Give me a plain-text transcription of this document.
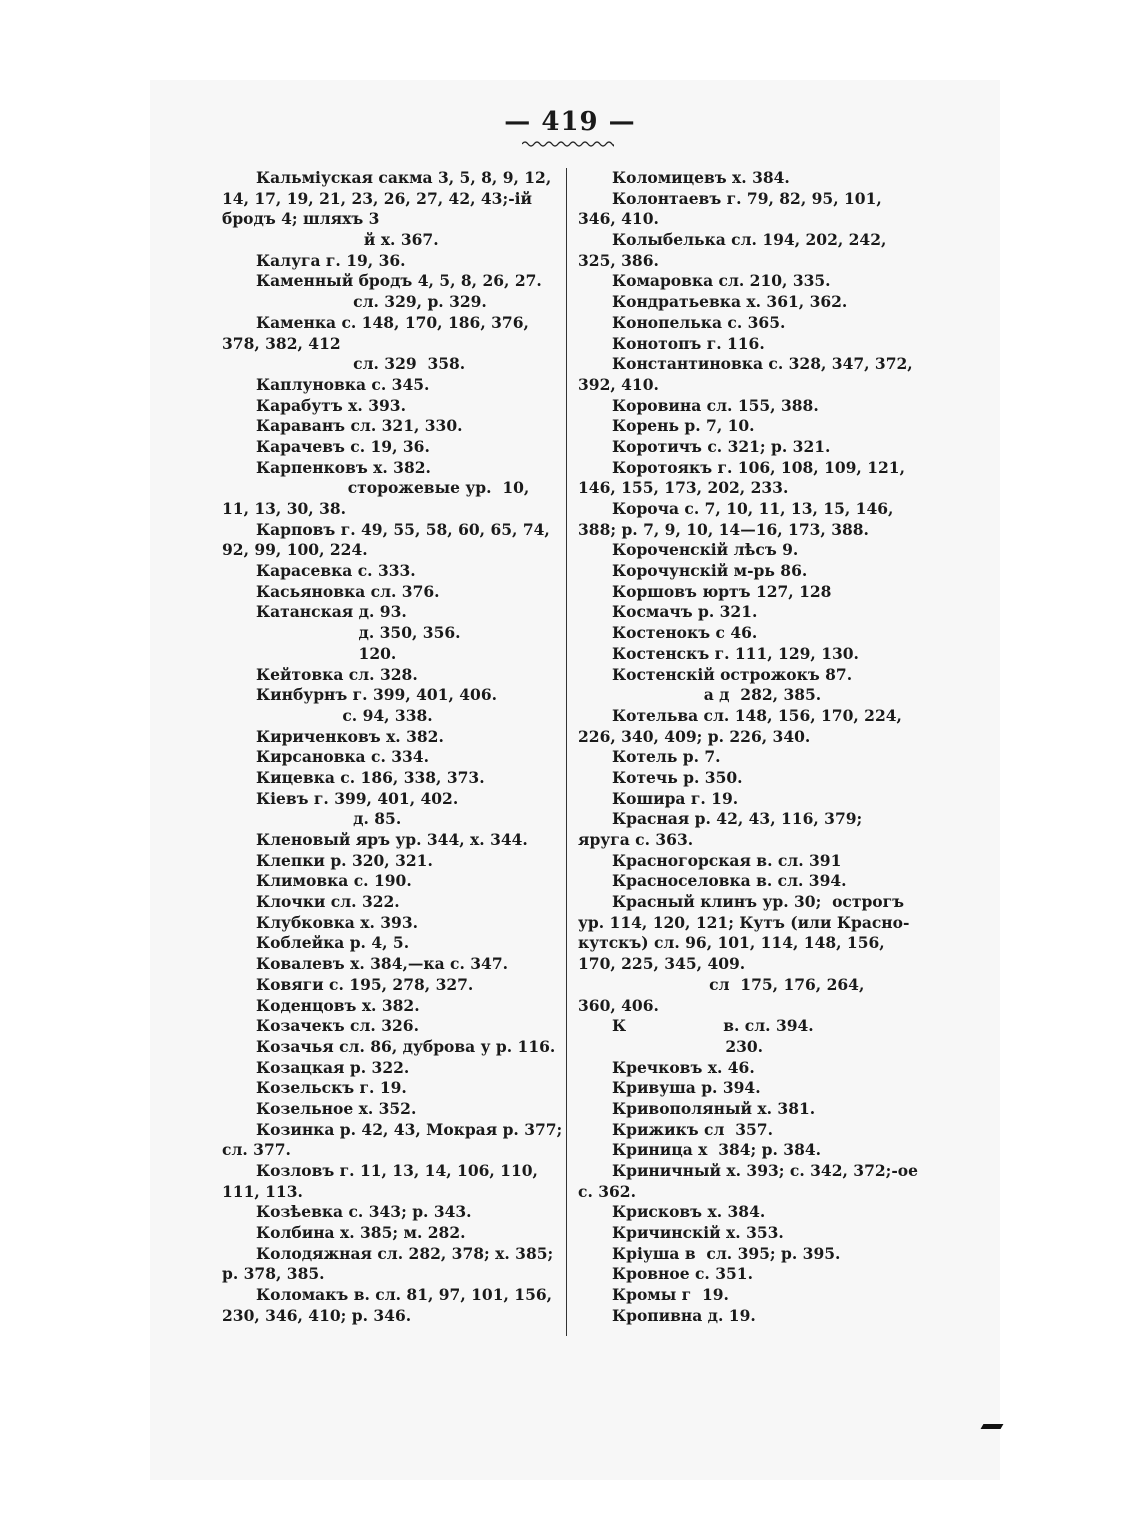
— 419 —
Кальміуская сакма 3, 5, 8, 9, 12,
14, 17, 19, 21, 23, 26, 27, 42, 43;-ій
бродъ 4; шляхъ 3
й х. 367.
Калуга г. 19, 36.
Каменный бродъ 4, 5, 8, 26, 27.
сл. 329, р. 329.
Каменка с. 148, 170, 186, 376,
378, 382, 412
сл. 329  358.
Каплуновка с. 345.
Карабутъ х. 393.
Караванъ сл. 321, 330.
Карачевъ с. 19, 36.
Карпенковъ х. 382.
сторожевые ур.  10,
11, 13, 30, 38.
Карповъ г. 49, 55, 58, 60, 65, 74,
92, 99, 100, 224.
Карасевка с. 333.
Касьяновка сл. 376.
Катанская д. 93.
д. 350, 356.
120.
Кейтовка сл. 328.
Кинбурнъ г. 399, 401, 406.
с. 94, 338.
Кириченковъ х. 382.
Кирсановка с. 334.
Кицевка с. 186, 338, 373.
Кіевъ г. 399, 401, 402.
д. 85.
Кленовый яръ ур. 344, х. 344.
Клепки р. 320, 321.
Климовка с. 190.
Клочки сл. 322.
Клубковка х. 393.
Коблейка р. 4, 5.
Ковалевъ х. 384,—ка с. 347.
Ковяги с. 195, 278, 327.
Коденцовъ х. 382.
Козачекъ сл. 326.
Козачья сл. 86, дуброва у р. 116.
Козацкая р. 322.
Козельскъ г. 19.
Козельное х. 352.
Козинка р. 42, 43, Мокрая р. 377;
сл. 377.
Козловъ г. 11, 13, 14, 106, 110,
111, 113.
Козѣевка с. 343; р. 343.
Колбина х. 385; м. 282.
Колодяжная сл. 282, 378; х. 385;
р. 378, 385.
Коломакъ в. сл. 81, 97, 101, 156,
230, 346, 410; р. 346.
Коломицевъ х. 384.
Колонтаевъ г. 79, 82, 95, 101,
346, 410.
Колыбелька сл. 194, 202, 242,
325, 386.
Комаровка сл. 210, 335.
Кондратьевка х. 361, 362.
Конопелька с. 365.
Конотопъ г. 116.
Константиновка с. 328, 347, 372,
392, 410.
Коровина сл. 155, 388.
Корень р. 7, 10.
Коротичъ с. 321; р. 321.
Коротоякъ г. 106, 108, 109, 121,
146, 155, 173, 202, 233.
Короча с. 7, 10, 11, 13, 15, 146,
388; р. 7, 9, 10, 14—16, 173, 388.
Короченскій лѣсъ 9.
Корочунскій м-рь 86.
Коршовъ юртъ 127, 128
Космачъ р. 321.
Костенокъ с 46.
Костенскъ г. 111, 129, 130.
Костенскій острожокъ 87.
а д  282, 385.
Котельва сл. 148, 156, 170, 224,
226, 340, 409; р. 226, 340.
Котель р. 7.
Котечь р. 350.
Кошира г. 19.
Красная р. 42, 43, 116, 379;
яруга с. 363.
Красногорская в. сл. 391
Красноселовка в. сл. 394.
Красный клинъ ур. 30;  острогъ
ур. 114, 120, 121; Кутъ (или Красно-
кутскъ) сл. 96, 101, 114, 148, 156,
170, 225, 345, 409.
сл  175, 176, 264,
360, 406.
К                  в. сл. 394.
230.
Кречковъ х. 46.
Кривуша р. 394.
Кривополяный х. 381.
Крижикъ сл  357.
Криница х  384; р. 384.
Криничный х. 393; с. 342, 372;-ое
с. 362.
Крисковъ х. 384.
Кричинскій х. 353.
Кріуша в  сл. 395; р. 395.
Кровное с. 351.
Кромы г  19.
Кропивна д. 19.
